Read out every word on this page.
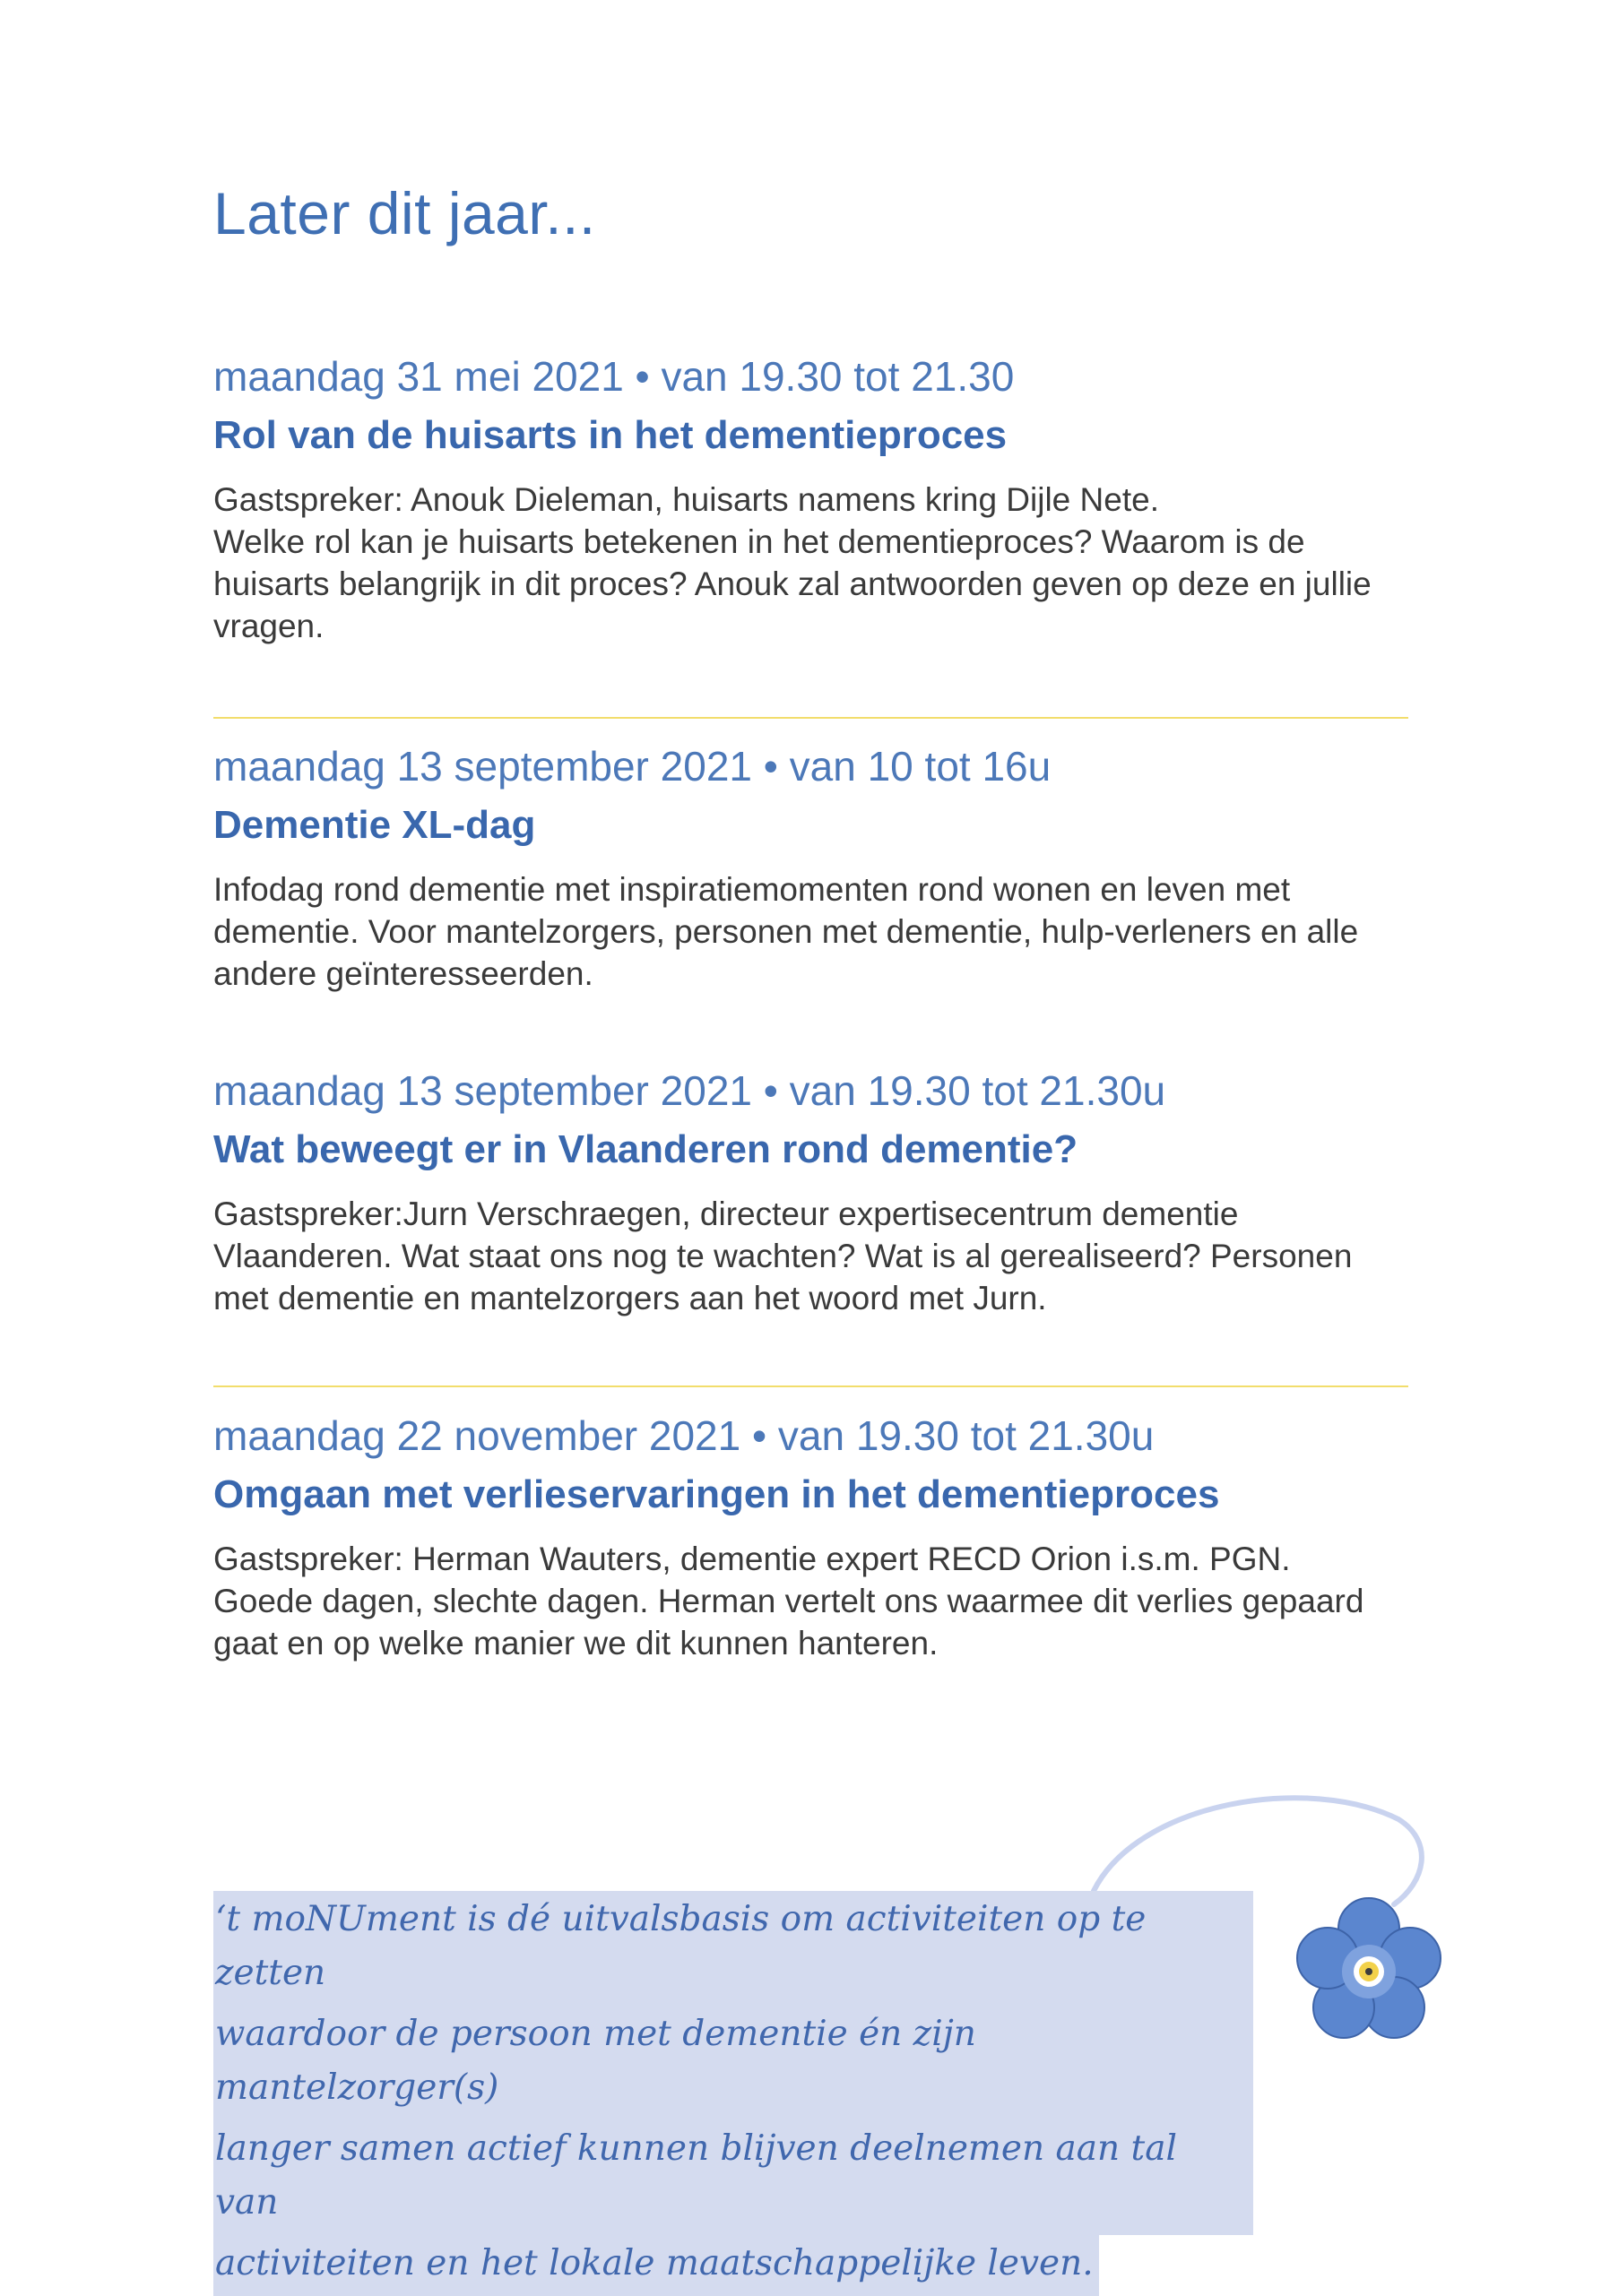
Later dit jaar...
maandag 31 mei 2021 • van 19.30 tot 21.30
Rol van de huisarts in het dementieproces

Gastspreker: Anouk Dieleman, huisarts namens kring Dijle Nete.

Welke rol kan je huisarts betekenen in het dementieproces? Waarom is de huisarts belangrijk in dit proces? Anouk zal antwoorden geven op deze en jullie vragen.

maandag 13 september 2021 • van 10 tot 16u
Dementie XL-dag

Infodag rond dementie met inspiratiemomenten rond wonen en leven met dementie. Voor mantelzorgers, personen met dementie, hulp-verleners en alle andere geïnteresseerden.

maandag 13 september 2021 • van 19.30 tot 21.30u
Wat beweegt er in Vlaanderen rond dementie?

Gastspreker:Jurn Verschraegen, directeur expertisecentrum dementie Vlaanderen. Wat staat ons nog te wachten? Wat is al gerealiseerd? Personen met dementie en mantelzorgers aan het woord met Jurn.

maandag 22 november 2021 • van 19.30 tot 21.30u
Omgaan met verlieservaringen in het dementieproces

Gastspreker: Herman Wauters, dementie expert RECD Orion i.s.m. PGN.

Goede dagen, slechte dagen. Herman vertelt ons waarmee dit verlies gepaard gaat en op welke manier we dit kunnen hanteren.

‘t moNUment is dé uitvalsbasis om activiteiten op te zetten
waardoor de persoon met dementie én zijn mantelzorger(s)
langer samen actief kunnen blijven deelnemen aan tal van
activiteiten en het lokale maatschappelijke leven.
